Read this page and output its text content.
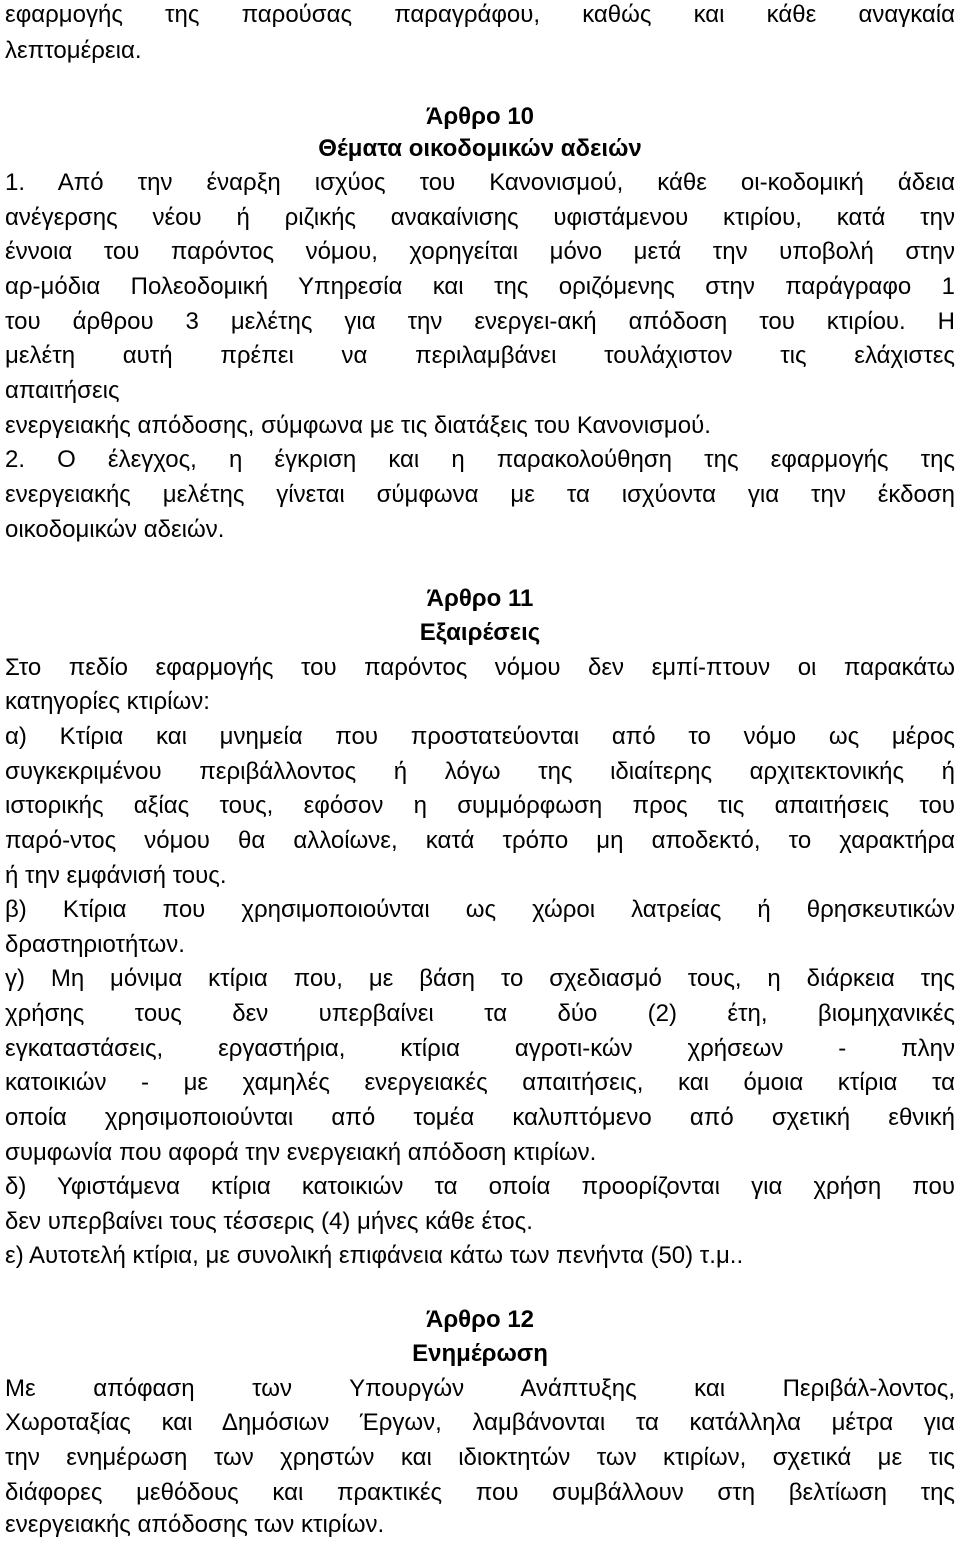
εφαρμογής της παρούσας παραγράφου, καθώς και κάθε αναγκαία
λεπτομέρεια.
Άρθρο 10
Θέματα οικοδομικών αδειών
1. Από την έναρξη ισχύος του Κανονισμού, κάθε οι-κοδομική άδεια
ανέγερσης νέου ή ριζικής ανακαίνισης υφιστάμενου κτιρίου, κατά την
έννοια του παρόντος νόμου, χορηγείται μόνο μετά την υποβολή στην
αρ-μόδια Πολεοδομική Υπηρεσία και της οριζόμενης στην παράγραφο 1
του άρθρου 3 μελέτης για την ενεργει-ακή απόδοση του κτιρίου. Η
μελέτη αυτή πρέπει να περιλαμβάνει τουλάχιστον τις ελάχιστες
απαιτήσεις
ενεργειακής απόδοσης, σύμφωνα με τις διατάξεις του Κανονισμού.
2. Ο έλεγχος, η έγκριση και η παρακολούθηση της εφαρμογής της
ενεργειακής μελέτης γίνεται σύμφωνα με τα ισχύοντα για την έκδοση
οικοδομικών αδειών.
Άρθρο 11
Εξαιρέσεις
Στο πεδίο εφαρμογής του παρόντος νόμου δεν εμπί-πτουν οι παρακάτω
κατηγορίες κτιρίων:
α) Κτίρια και μνημεία που προστατεύονται από το νόμο ως μέρος
συγκεκριμένου περιβάλλοντος ή λόγω της ιδιαίτερης αρχιτεκτονικής ή
ιστορικής αξίας τους, εφόσον η συμμόρφωση προς τις απαιτήσεις του
παρό-ντος νόμου θα αλλοίωνε, κατά τρόπο μη αποδεκτό, το χαρακτήρα
ή την εμφάνισή τους.
β) Κτίρια που χρησιμοποιούνται ως χώροι λατρείας ή θρησκευτικών
δραστηριοτήτων.
γ) Μη μόνιμα κτίρια που, με βάση το σχεδιασμό τους, η διάρκεια της
χρήσης τους δεν υπερβαίνει τα δύο (2) έτη, βιομηχανικές
εγκαταστάσεις, εργαστήρια, κτίρια αγροτι-κών χρήσεων - πλην
κατοικιών - με χαμηλές ενεργειακές απαιτήσεις, και όμοια κτίρια τα
οποία χρησιμοποιούνται από τομέα καλυπτόμενο από σχετική εθνική
συμφωνία που αφορά την ενεργειακή απόδοση κτιρίων.
δ) Υφιστάμενα κτίρια κατοικιών τα οποία προορίζονται για χρήση που
δεν υπερβαίνει τους τέσσερις (4) μήνες κάθε έτος.
ε) Αυτοτελή κτίρια, με συνολική επιφάνεια κάτω των πενήντα (50) τ.μ..
Άρθρο 12
Ενημέρωση
Με απόφαση των Υπουργών Ανάπτυξης και Περιβάλ-λοντος,
Χωροταξίας και Δημόσιων Έργων, λαμβάνονται τα κατάλληλα μέτρα για
την ενημέρωση των χρηστών και ιδιοκτητών των κτιρίων, σχετικά με τις
διάφορες μεθόδους και πρακτικές που συμβάλλουν στη βελτίωση της
ενεργειακής απόδοσης των κτιρίων.
